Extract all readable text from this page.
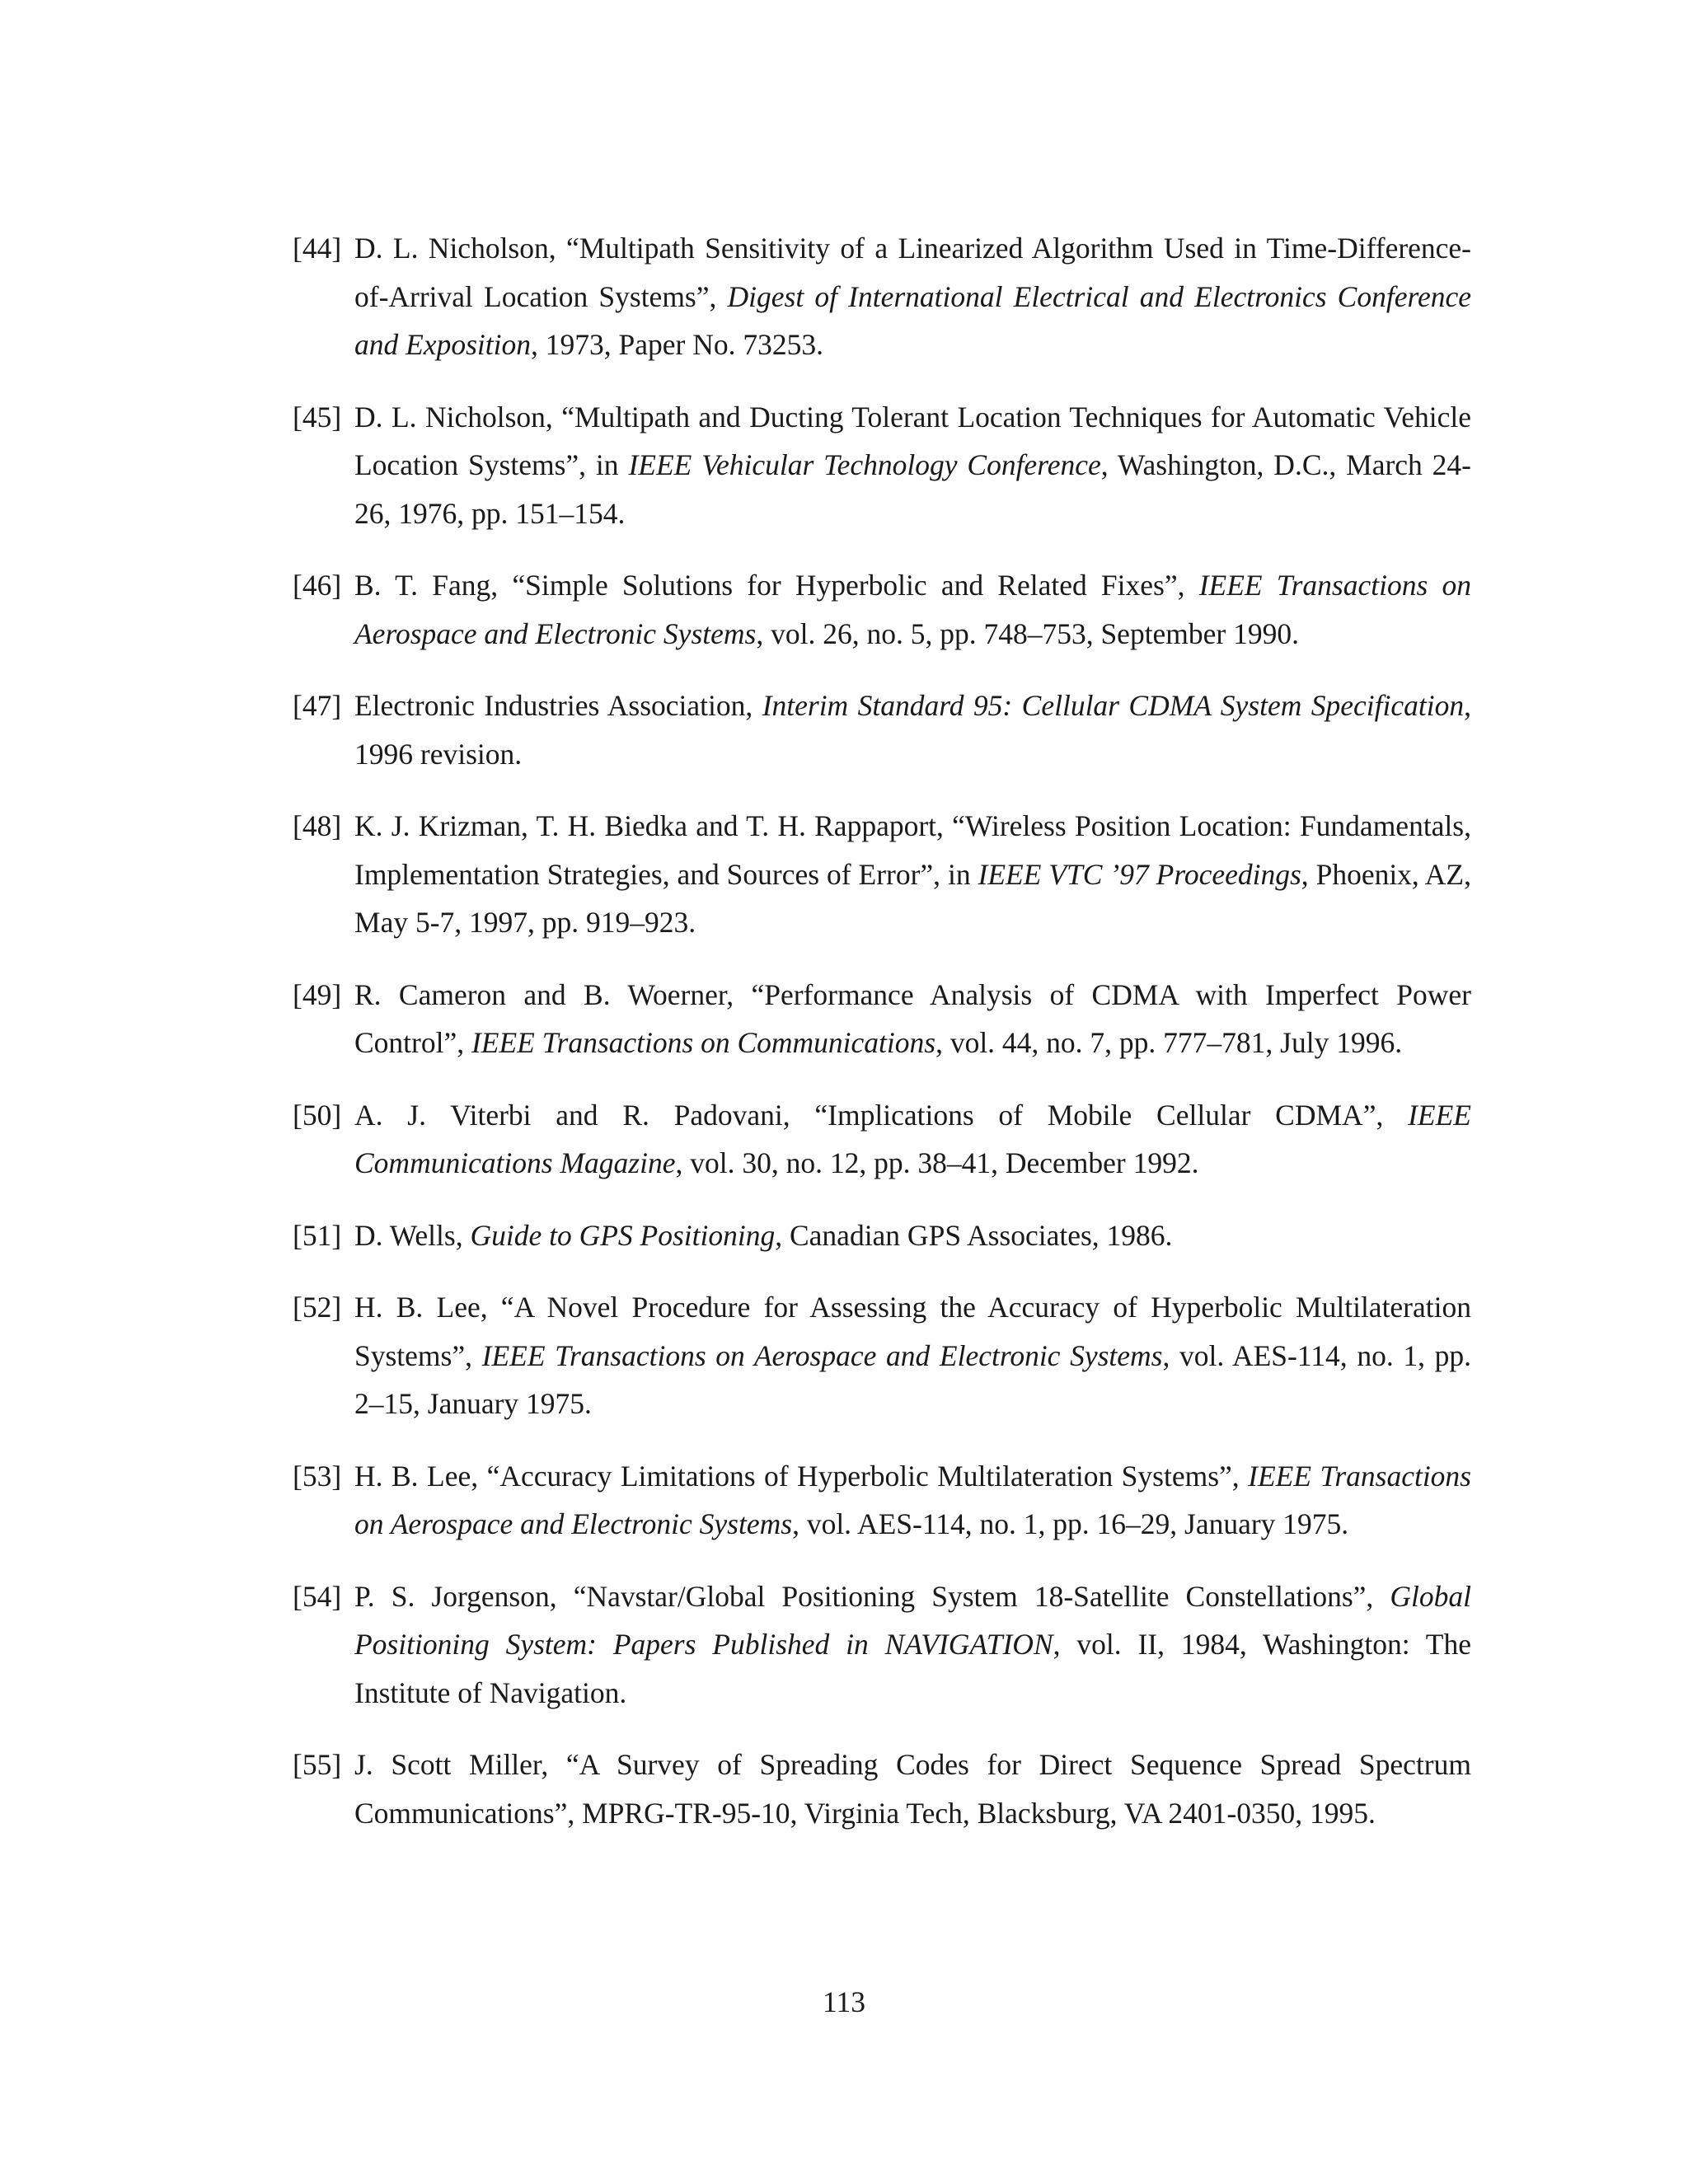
[44] D. L. Nicholson, “Multipath Sensitivity of a Linearized Algorithm Used in Time-Difference-of-Arrival Location Systems”, Digest of International Electrical and Electronics Conference and Exposition, 1973, Paper No. 73253.
[45] D. L. Nicholson, “Multipath and Ducting Tolerant Location Techniques for Automatic Vehicle Location Systems”, in IEEE Vehicular Technology Conference, Washington, D.C., March 24-26, 1976, pp. 151–154.
[46] B. T. Fang, “Simple Solutions for Hyperbolic and Related Fixes”, IEEE Transactions on Aerospace and Electronic Systems, vol. 26, no. 5, pp. 748–753, September 1990.
[47] Electronic Industries Association, Interim Standard 95: Cellular CDMA System Specification, 1996 revision.
[48] K. J. Krizman, T. H. Biedka and T. H. Rappaport, “Wireless Position Location: Fundamentals, Implementation Strategies, and Sources of Error”, in IEEE VTC ’97 Proceedings, Phoenix, AZ, May 5-7, 1997, pp. 919–923.
[49] R. Cameron and B. Woerner, “Performance Analysis of CDMA with Imperfect Power Control”, IEEE Transactions on Communications, vol. 44, no. 7, pp. 777–781, July 1996.
[50] A. J. Viterbi and R. Padovani, “Implications of Mobile Cellular CDMA”, IEEE Communications Magazine, vol. 30, no. 12, pp. 38–41, December 1992.
[51] D. Wells, Guide to GPS Positioning, Canadian GPS Associates, 1986.
[52] H. B. Lee, “A Novel Procedure for Assessing the Accuracy of Hyperbolic Multilateration Systems”, IEEE Transactions on Aerospace and Electronic Systems, vol. AES-114, no. 1, pp. 2–15, January 1975.
[53] H. B. Lee, “Accuracy Limitations of Hyperbolic Multilateration Systems”, IEEE Transactions on Aerospace and Electronic Systems, vol. AES-114, no. 1, pp. 16–29, January 1975.
[54] P. S. Jorgenson, “Navstar/Global Positioning System 18-Satellite Constellations”, Global Positioning System: Papers Published in NAVIGATION, vol. II, 1984, Washington: The Institute of Navigation.
[55] J. Scott Miller, “A Survey of Spreading Codes for Direct Sequence Spread Spectrum Communications”, MPRG-TR-95-10, Virginia Tech, Blacksburg, VA 2401-0350, 1995.
113
